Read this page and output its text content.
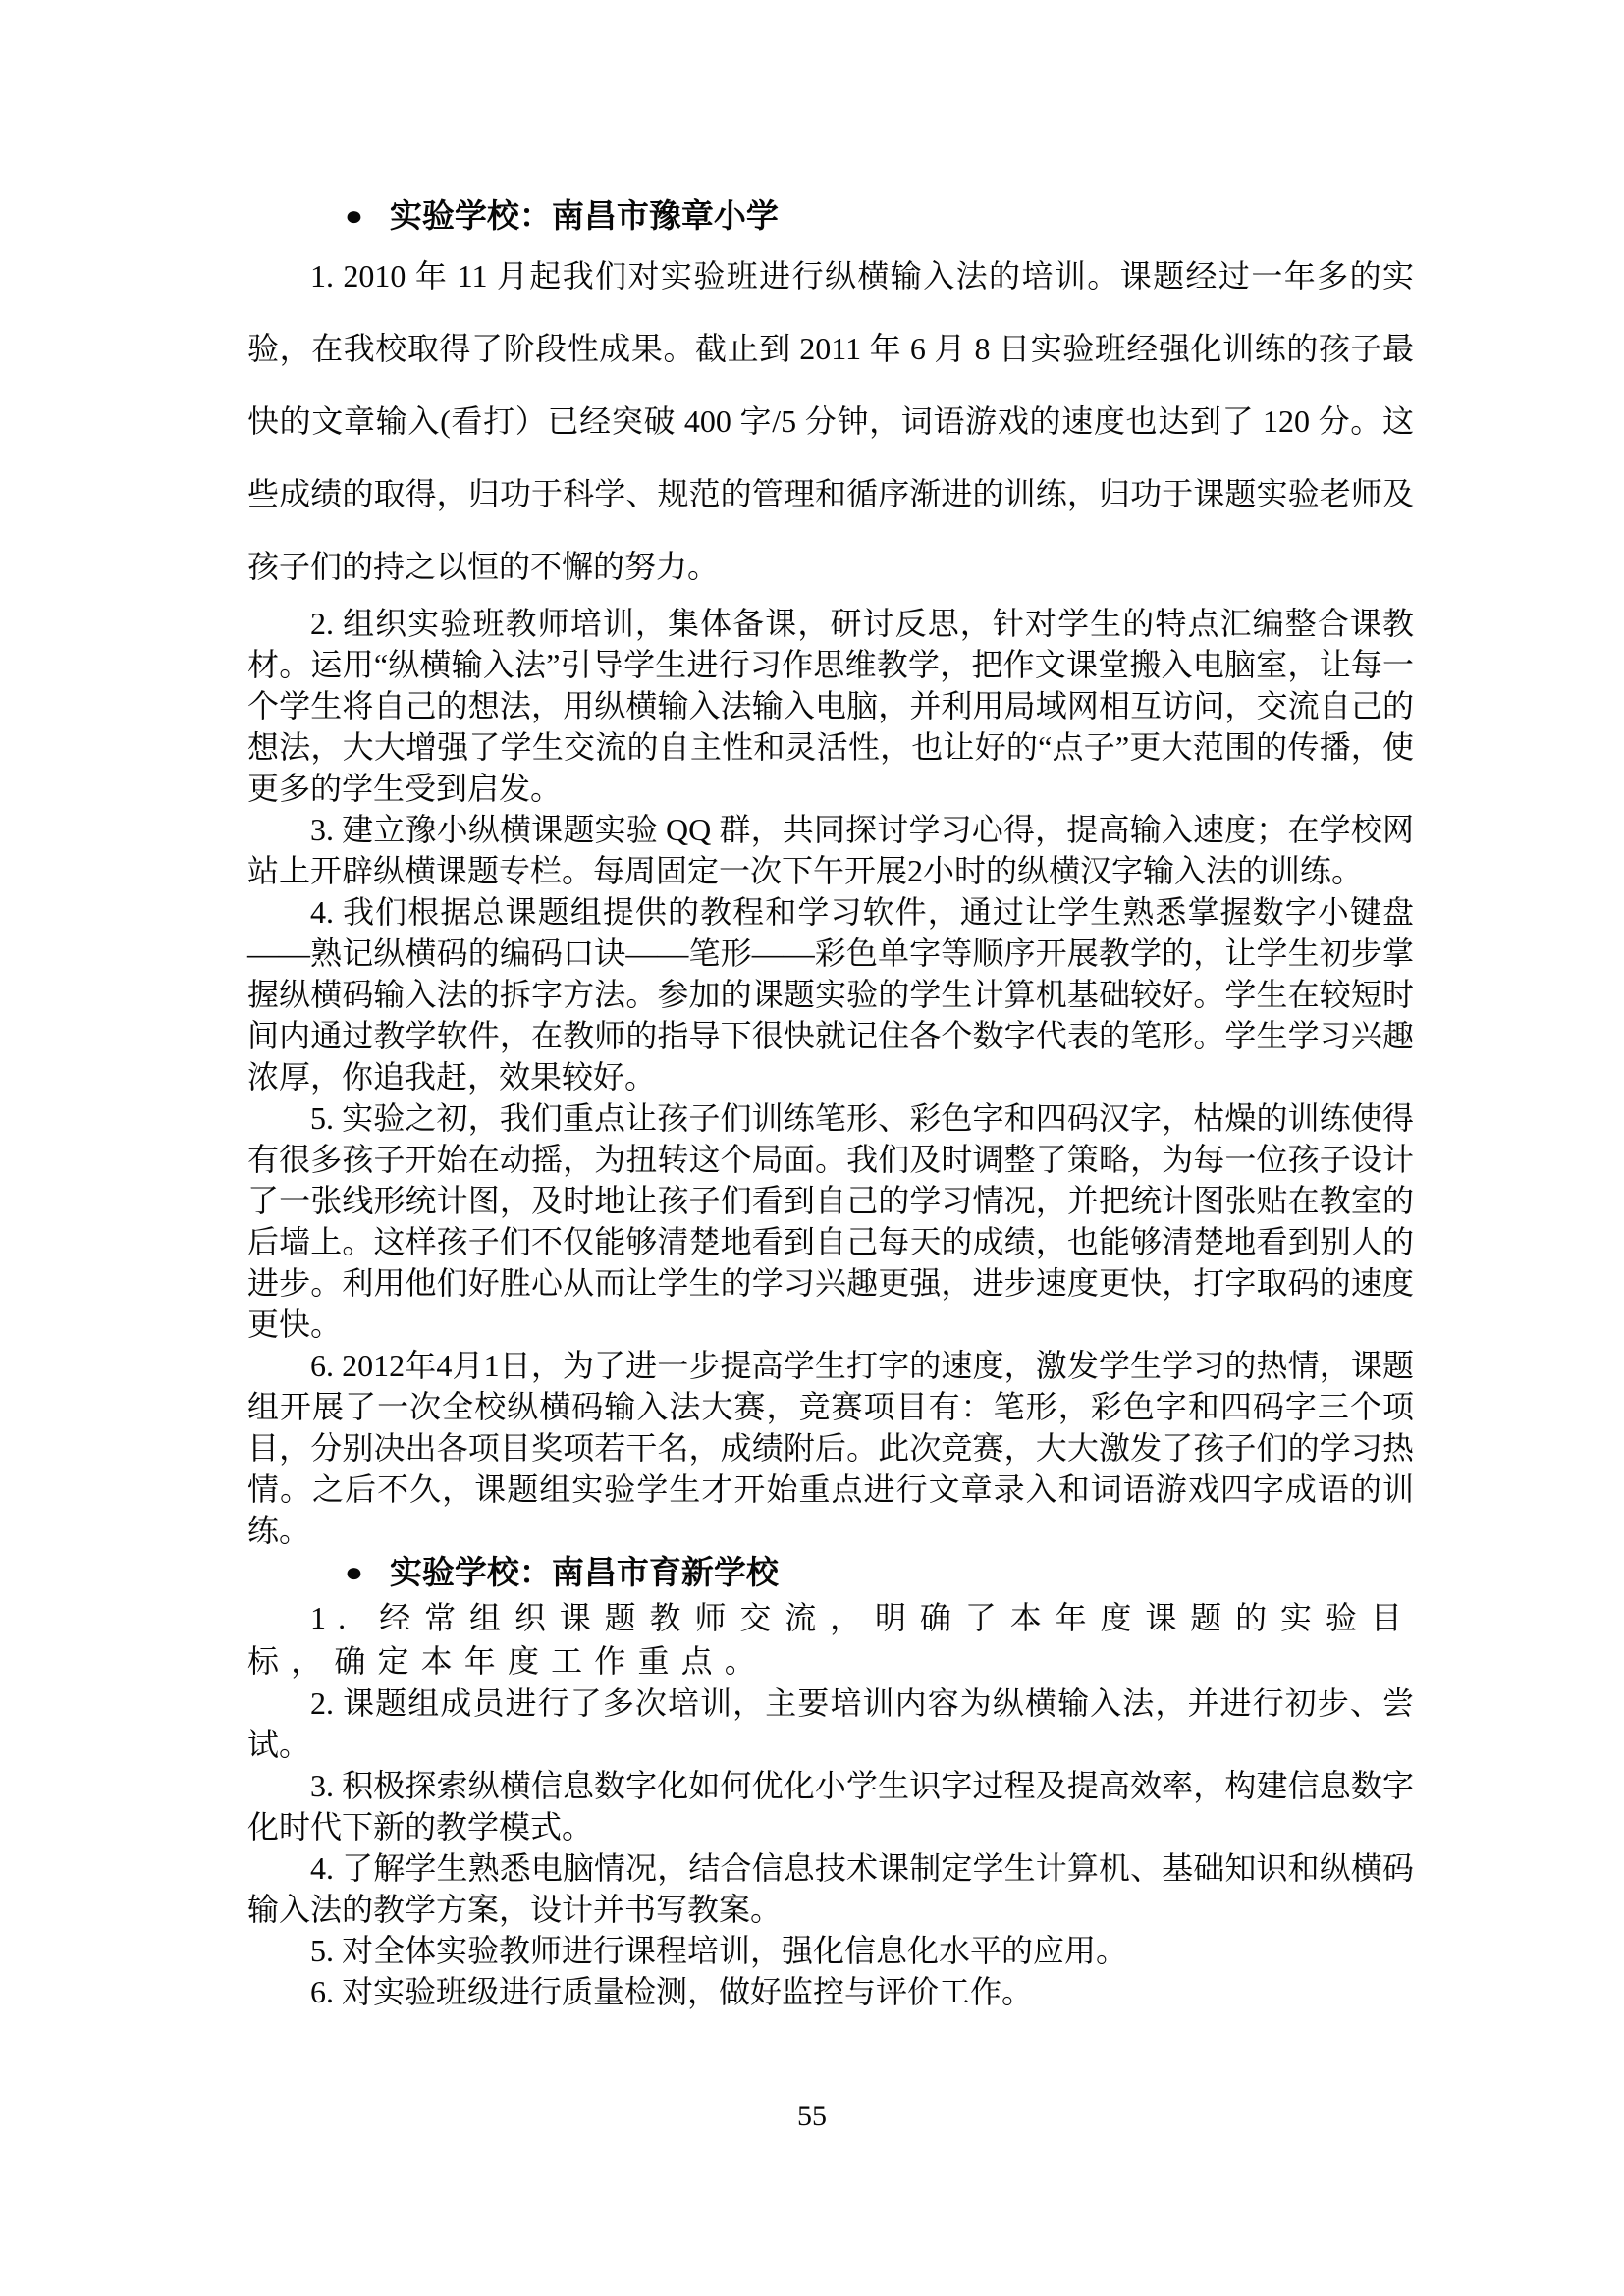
● 实验学校：南昌市豫章小学

1. 2010 年 11 月起我们对实验班进行纵横输入法的培训。课题经过一年多的实验，在我校取得了阶段性成果。截止到 2011 年 6 月 8 日实验班经强化训练的孩子最快的文章输入(看打）已经突破 400 字/5 分钟，词语游戏的速度也达到了 120 分。这些成绩的取得，归功于科学、规范的管理和循序渐进的训练，归功于课题实验老师及孩子们的持之以恒的不懈的努力。

2. 组织实验班教师培训，集体备课，研讨反思，针对学生的特点汇编整合课教材。运用“纵横输入法”引导学生进行习作思维教学，把作文课堂搬入电脑室，让每一个学生将自己的想法，用纵横输入法输入电脑，并利用局域网相互访问，交流自己的想法，大大增强了学生交流的自主性和灵活性，也让好的“点子”更大范围的传播，使更多的学生受到启发。

3. 建立豫小纵横课题实验 QQ 群，共同探讨学习心得，提高输入速度；在学校网站上开辟纵横课题专栏。每周固定一次下午开展2小时的纵横汉字输入法的训练。

4. 我们根据总课题组提供的教程和学习软件，通过让学生熟悉掌握数字小键盘——熟记纵横码的编码口诀——笔形——彩色单字等顺序开展教学的，让学生初步掌握纵横码输入法的拆字方法。参加的课题实验的学生计算机基础较好。学生在较短时间内通过教学软件，在教师的指导下很快就记住各个数字代表的笔形。学生学习兴趣浓厚，你追我赶，效果较好。

5. 实验之初，我们重点让孩子们训练笔形、彩色字和四码汉字，枯燥的训练使得有很多孩子开始在动摇，为扭转这个局面。我们及时调整了策略，为每一位孩子设计了一张线形统计图，及时地让孩子们看到自己的学习情况，并把统计图张贴在教室的后墙上。这样孩子们不仅能够清楚地看到自己每天的成绩，也能够清楚地看到别人的进步。利用他们好胜心从而让学生的学习兴趣更强，进步速度更快，打字取码的速度更快。

6. 2012年4月1日，为了进一步提高学生打字的速度，激发学生学习的热情，课题组开展了一次全校纵横码输入法大赛，竞赛项目有：笔形，彩色字和四码字三个项目，分别决出各项目奖项若干名，成绩附后。此次竞赛，大大激发了孩子们的学习热情。之后不久，课题组实验学生才开始重点进行文章录入和词语游戏四字成语的训练。

● 实验学校：南昌市育新学校

1. 经常组织课题教师交流，明确了本年度课题的实验目标，确定本年度工作重点。

2. 课题组成员进行了多次培训，主要培训内容为纵横输入法，并进行初步、尝试。

3. 积极探索纵横信息数字化如何优化小学生识字过程及提高效率，构建信息数字化时代下新的教学模式。

4. 了解学生熟悉电脑情况，结合信息技术课制定学生计算机、基础知识和纵横码输入法的教学方案，设计并书写教案。

5. 对全体实验教师进行课程培训，强化信息化水平的应用。

6. 对实验班级进行质量检测，做好监控与评价工作。

55
